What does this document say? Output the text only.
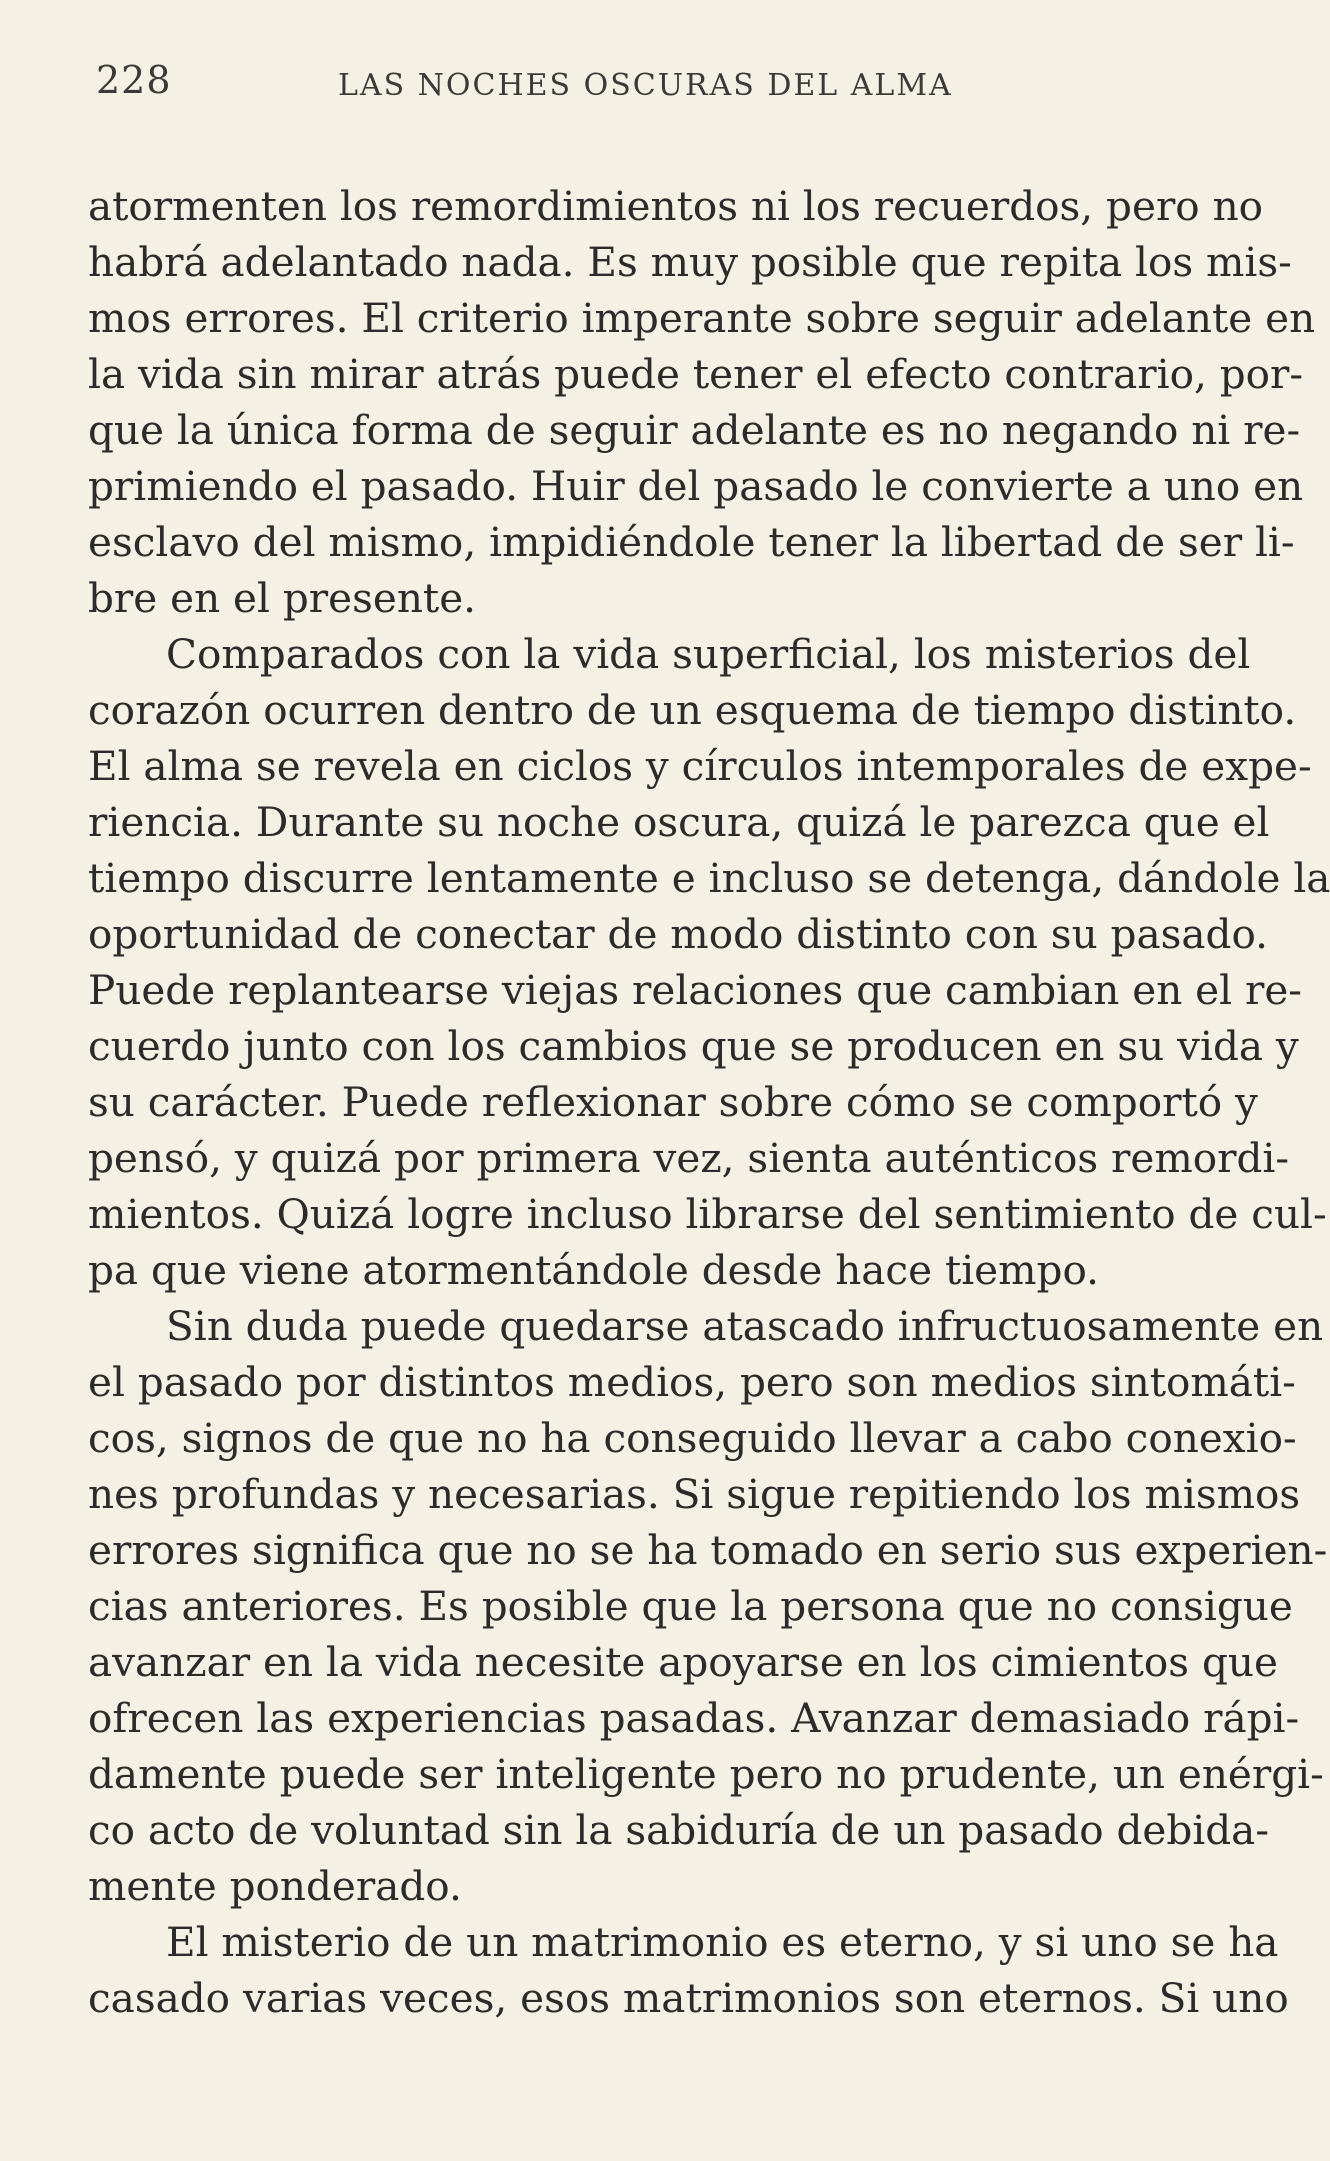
228	LAS NOCHES OSCURAS DEL ALMA
atormenten los remordimientos ni los recuerdos, pero no
habrá adelantado nada. Es muy posible que repita los mis-
mos errores. El criterio imperante sobre seguir adelante en
la vida sin mirar atrás puede tener el efecto contrario, por-
que la única forma de seguir adelante es no negando ni re-
primiendo el pasado. Huir del pasado le convierte a uno en
esclavo del mismo, impidiéndole tener la libertad de ser li-
bre en el presente.
Comparados con la vida superficial, los misterios del
corazón ocurren dentro de un esquema de tiempo distinto.
El alma se revela en ciclos y círculos intemporales de expe-
riencia. Durante su noche oscura, quizá le parezca que el
tiempo discurre lentamente e incluso se detenga, dándole la
oportunidad de conectar de modo distinto con su pasado.
Puede replantearse viejas relaciones que cambian en el re-
cuerdo junto con los cambios que se producen en su vida y
su carácter. Puede reflexionar sobre cómo se comportó y
pensó, y quizá por primera vez, sienta auténticos remordi-
mientos. Quizá logre incluso librarse del sentimiento de cul-
pa que viene atormentándole desde hace tiempo.
Sin duda puede quedarse atascado infructuosamente en
el pasado por distintos medios, pero son medios sintomáti-
cos, signos de que no ha conseguido llevar a cabo conexio-
nes profundas y necesarias. Si sigue repitiendo los mismos
errores significa que no se ha tomado en serio sus experien-
cias anteriores. Es posible que la persona que no consigue
avanzar en la vida necesite apoyarse en los cimientos que
ofrecen las experiencias pasadas. Avanzar demasiado rápi-
damente puede ser inteligente pero no prudente, un enérgi-
co acto de voluntad sin la sabiduría de un pasado debida-
mente ponderado.
El misterio de un matrimonio es eterno, y si uno se ha
casado varias veces, esos matrimonios son eternos. Si uno
